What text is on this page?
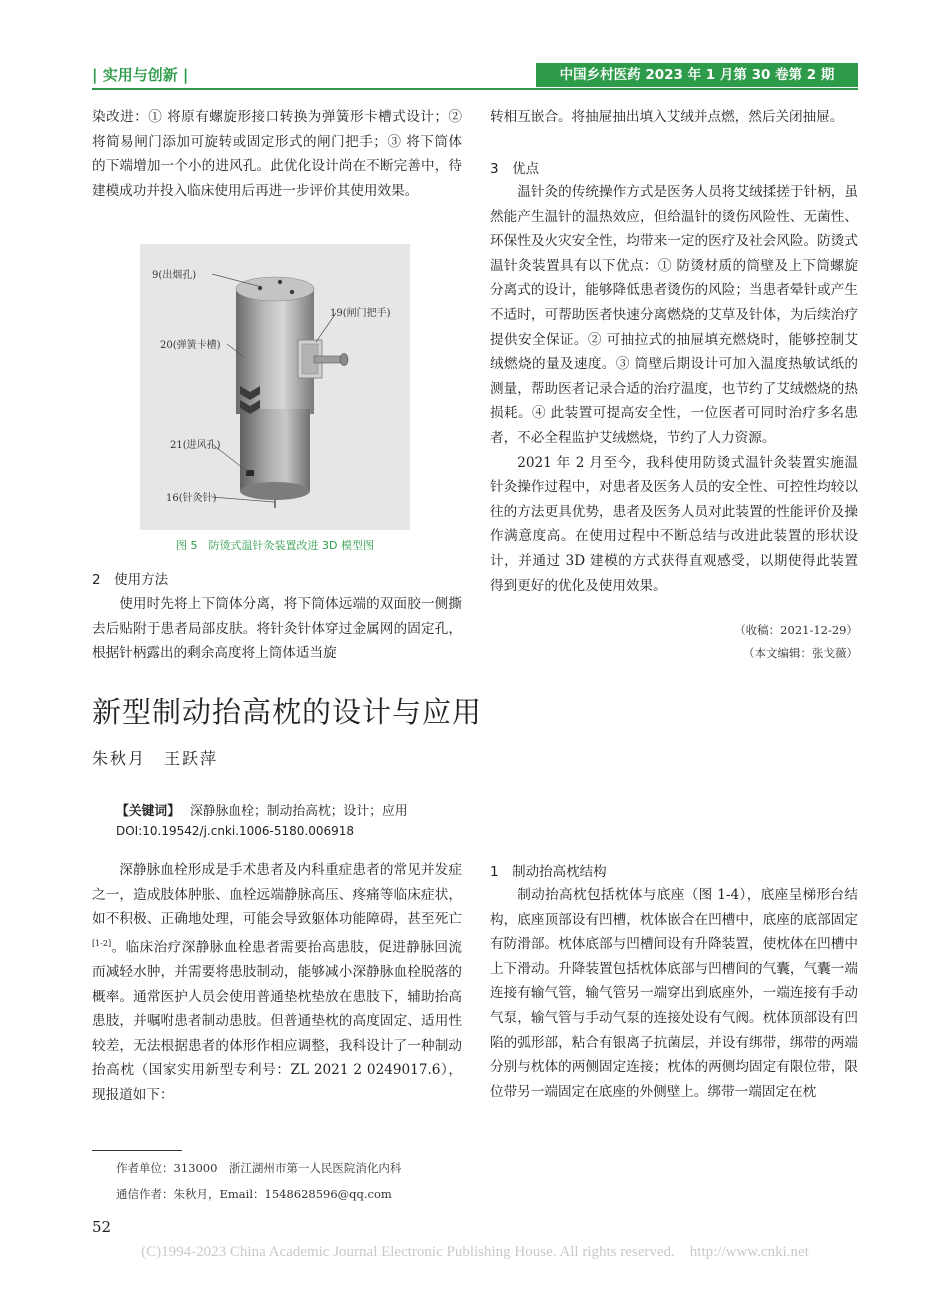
| 实用与创新 |	中国乡村医药 2023 年 1 月第 30 卷第 2 期

染改进：① 将原有螺旋形接口转换为弹簧形卡槽式设计；② 将简易闸门添加可旋转或固定形式的闸门把手；③ 将下筒体的下端增加一个小的进风孔。此优化设计尚在不断完善中，待建模成功并投入临床使用后再进一步评价其使用效果。

9(出烟孔)
19(闸门把手)
20(弹簧卡槽)
21(进风孔)
16(针灸针)
图 5　防烫式温针灸装置改进 3D 模型图
2　使用方法

使用时先将上下筒体分离，将下筒体远端的双面胶一侧撕去后贴附于患者局部皮肤。将针灸针体穿过金属网的固定孔，根据针柄露出的剩余高度将上筒体适当旋

转相互嵌合。将抽屉抽出填入艾绒并点燃，然后关闭抽屉。

3　优点

温针灸的传统操作方式是医务人员将艾绒揉搓于针柄，虽然能产生温针的温热效应，但给温针的烫伤风险性、无菌性、环保性及火灾安全性，均带来一定的医疗及社会风险。防烫式温针灸装置具有以下优点：① 防烫材质的筒壁及上下筒螺旋分离式的设计，能够降低患者烫伤的风险；当患者晕针或产生不适时，可帮助医者快速分离燃烧的艾草及针体，为后续治疗提供安全保证。② 可抽拉式的抽屉填充燃烧时，能够控制艾绒燃烧的量及速度。③ 筒壁后期设计可加入温度热敏试纸的测量，帮助医者记录合适的治疗温度，也节约了艾绒燃烧的热损耗。④ 此装置可提高安全性，一位医者可同时治疗多名患者，不必全程监护艾绒燃烧，节约了人力资源。

2021 年 2 月至今，我科使用防烫式温针灸装置实施温针灸操作过程中，对患者及医务人员的安全性、可控性均较以往的方法更具优势，患者及医务人员对此装置的性能评价及操作满意度高。在使用过程中不断总结与改进此装置的形状设计，并通过 3D 建模的方式获得直观感受，以期使得此装置得到更好的优化及使用效果。

（收稿：2021-12-29）
（本文编辑：张戈薇）
新型制动抬高枕的设计与应用
朱秋月　王跃萍
【关键词】 深静脉血栓；制动抬高枕；设计；应用
DOI:10.19542/j.cnki.1006-5180.006918

深静脉血栓形成是手术患者及内科重症患者的常见并发症之一，造成肢体肿胀、血栓远端静脉高压、疼痛等临床症状，如不积极、正确地处理，可能会导致躯体功能障碍，甚至死亡[1-2]。临床治疗深静脉血栓患者需要抬高患肢，促进静脉回流而减轻水肿，并需要将患肢制动，能够减小深静脉血栓脱落的概率。通常医护人员会使用普通垫枕垫放在患肢下，辅助抬高患肢，并嘱咐患者制动患肢。但普通垫枕的高度固定、适用性较差，无法根据患者的体形作相应调整，我科设计了一种制动抬高枕（国家实用新型专利号：ZL 2021 2 0249017.6），现报道如下：

1　制动抬高枕结构

制动抬高枕包括枕体与底座（图 1-4），底座呈梯形台结构，底座顶部设有凹槽，枕体嵌合在凹槽中，底座的底部固定有防滑部。枕体底部与凹槽间设有升降装置，使枕体在凹槽中上下滑动。升降装置包括枕体底部与凹槽间的气囊，气囊一端连接有输气管，输气管另一端穿出到底座外，一端连接有手动气泵，输气管与手动气泵的连接处设有气阀。枕体顶部设有凹陷的弧形部，粘合有银离子抗菌层，并设有绑带，绑带的两端分别与枕体的两侧固定连接；枕体的两侧均固定有限位带，限位带另一端固定在底座的外侧壁上。绑带一端固定在枕

作者单位：313000　浙江湖州市第一人民医院消化内科
通信作者：朱秋月，Email：1548628596@qq.com
52
(C)1994-2023 China Academic Journal Electronic Publishing House. All rights reserved.　http://www.cnki.net
